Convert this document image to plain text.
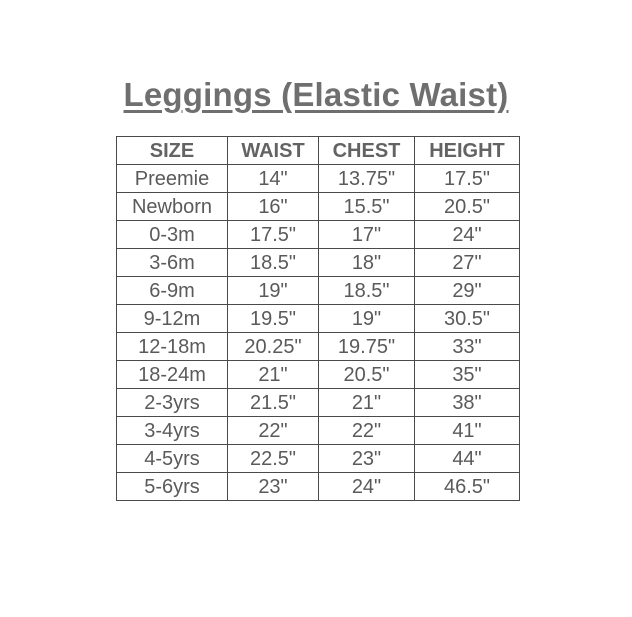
Leggings (Elastic Waist)
SIZE	WAIST	CHEST	HEIGHT
Preemie	14"	13.75"	17.5"
Newborn	16"	15.5"	20.5"
0-3m	17.5"	17"	24"
3-6m	18.5"	18"	27"
6-9m	19"	18.5"	29"
9-12m	19.5"	19"	30.5"
12-18m	20.25"	19.75"	33"
18-24m	21"	20.5"	35"
2-3yrs	21.5"	21"	38"
3-4yrs	22"	22"	41"
4-5yrs	22.5"	23"	44"
5-6yrs	23"	24"	46.5"
